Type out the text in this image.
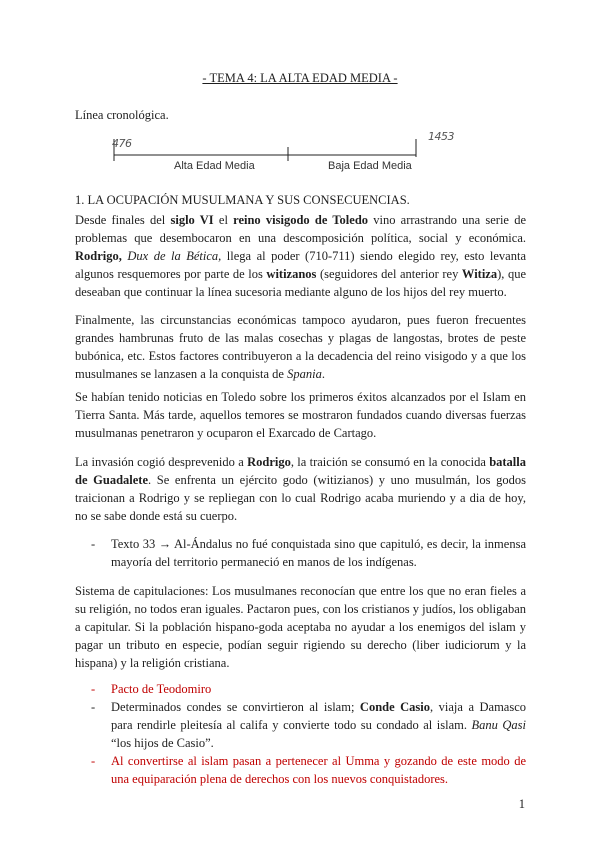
- TEMA 4: LA ALTA EDAD MEDIA -
Línea cronológica.
476
1453
Alta Edad Media	Baja Edad Media
1. LA OCUPACIÓN MUSULMANA Y SUS CONSECUENCIAS.
Desde finales del siglo VI el reino visigodo de Toledo vino arrastrando una serie de problemas que desembocaron en una descomposición política, social y económica. Rodrigo, Dux de la Bética, llega al poder (710-711) siendo elegido rey, esto levanta algunos resquemores por parte de los witizanos (seguidores del anterior rey Witiza), que deseaban que continuar la línea sucesoria mediante alguno de los hijos del rey muerto.
Finalmente, las circunstancias económicas tampoco ayudaron, pues fueron frecuentes grandes hambrunas fruto de las malas cosechas y plagas de langostas, brotes de peste bubónica, etc. Estos factores contribuyeron a la decadencia del reino visigodo y a que los musulmanes se lanzasen a la conquista de Spania.
Se habían tenido noticias en Toledo sobre los primeros éxitos alcanzados por el Islam en Tierra Santa. Más tarde, aquellos temores se mostraron fundados cuando diversas fuerzas musulmanas penetraron y ocuparon el Exarcado de Cartago.
La invasión cogió desprevenido a Rodrigo, la traición se consumó en la conocida batalla de Guadalete. Se enfrenta un ejército godo (witizianos) y uno musulmán, los godos traicionan a Rodrigo y se repliegan con lo cual Rodrigo acaba muriendo y a dia de hoy, no se sabe donde está su cuerpo.
- Texto 33 → Al-Ándalus no fué conquistada sino que capituló, es decir, la inmensa mayoría del territorio permaneció en manos de los indígenas.
Sistema de capitulaciones: Los musulmanes reconocían que entre los que no eran fieles a su religión, no todos eran iguales. Pactaron pues, con los cristianos y judíos, los obligaban a capitular. Si la población hispano-goda aceptaba no ayudar a los enemigos del islam y pagar un tributo en especie, podían seguir rigiendo su derecho (liber iudiciorum y la hispana) y la religión cristiana.
- Pacto de Teodomiro
- Determinados condes se convirtieron al islam; Conde Casio, viaja a Damasco para rendirle pleitesía al califa y convierte todo su condado al islam. Banu Qasi “los hijos de Casio”.
- Al convertirse al islam pasan a pertenecer al Umma y gozando de este modo de una equiparación plena de derechos con los nuevos conquistadores.
1
